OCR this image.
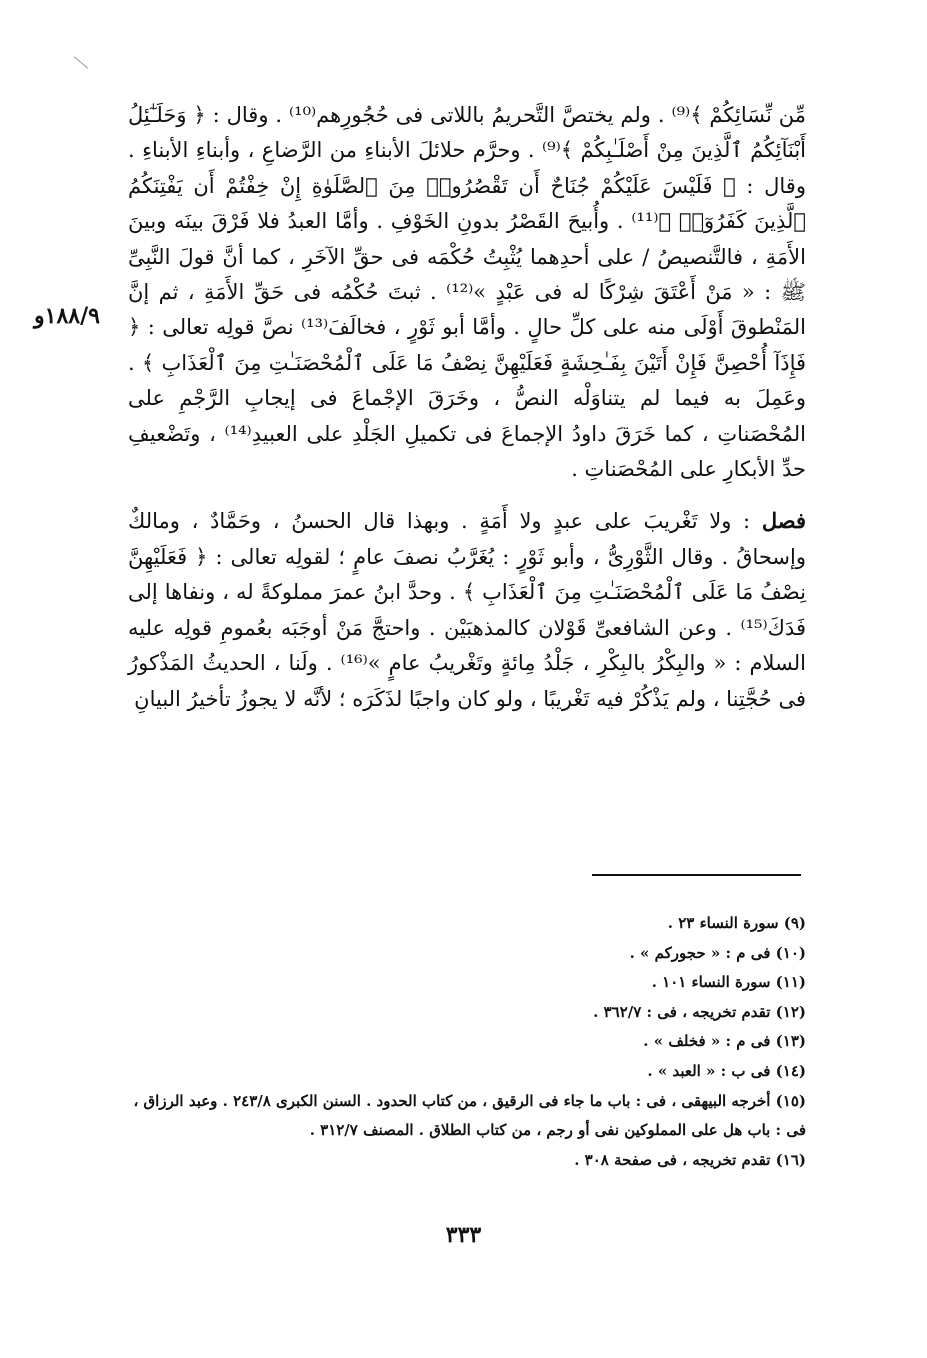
١٨٨/٩و

مِّن نِّسَائِكُمْ ﴾⁽⁹⁾ . ولم يختصَّ التَّحريمُ باللاتى فى حُجُورِهم⁽¹⁰⁾ . وقال : ﴿ وَحَلَـٰٓئِلُ أَبْنَآئِكُمُ ٱلَّذِينَ مِنْ أَصْلَـٰبِكُمْ ﴾⁽⁹⁾ . وحرَّم حلائلَ الأبناءِ من الرَّضاعِ ، وأبناءِ الأبناءِ . وقال : ﴿ فَلَيْسَ عَلَيْكُمْ جُنَاحٌ أَن تَقْصُرُوا۟ مِنَ ٱلصَّلَوٰةِ إِنْ خِفْتُمْ أَن يَفْتِنَكُمُ ٱلَّذِينَ كَفَرُوٓا۟ ﴾⁽¹¹⁾ . وأُبيحَ القَصْرُ بدونِ الخَوْفِ . وأمَّا العبدُ فلا فَرْقَ بينَه وبينَ الأَمَةِ ، فالتَّنصيصُ / على أحدِهما يُثْبِتُ حُكْمَه فى حقِّ الآخَرِ ، كما أنَّ قولَ النَّبِىِّ ﷺ : « مَنْ أَعْتَقَ شِرْكًا له فى عَبْدٍ »⁽¹²⁾ . ثبتَ حُكْمُه فى حَقِّ الأَمَةِ ، ثم إنَّ المَنْطوقَ أَوْلَى منه على كلِّ حالٍ . وأمَّا أبو ثَوْرٍ ، فخالَفَ⁽¹³⁾ نصَّ قولِه تعالى : ﴿ فَإِذَآ أُحْصِنَّ فَإِنْ أَتَيْنَ بِفَـٰحِشَةٍ فَعَلَيْهِنَّ نِصْفُ مَا عَلَى ٱلْمُحْصَنَـٰتِ مِنَ ٱلْعَذَابِ ﴾ . وعَمِلَ به فيما لم يتناوَلْه النصُّ ، وخَرَقَ الإجْماعَ فى إيجابِ الرَّجْمِ على المُحْصَناتِ ، كما خَرَقَ داودُ الإجماعَ فى تكميلِ الجَلْدِ على العبيدِ⁽¹⁴⁾ ، وتَضْعيفِ حدِّ الأبكارِ على المُحْصَناتِ .

فصل : ولا تَغْريبَ على عبدٍ ولا أَمَةٍ . وبهذا قال الحسنُ ، وحَمَّادٌ ، ومالكٌ وإسحاقُ . وقال الثَّوْرِىُّ ، وأبو ثَوْرٍ : يُغَرَّبُ نصفَ عامٍ ؛ لقولِه تعالى : ﴿ فَعَلَيْهِنَّ نِصْفُ مَا عَلَى ٱلْمُحْصَنَـٰتِ مِنَ ٱلْعَذَابِ ﴾ . وحدَّ ابنُ عمرَ مملوكةً له ، ونفاها إلى فَدَكَ⁽¹⁵⁾ . وعن الشافعىِّ قَوْلان كالمذهبَيْن . واحتجَّ مَنْ أوجَبَه بعُمومِ قولِه عليه السلام : « والبِكْرُ بالبِكْرِ ، جَلْدُ مِائةٍ وتَغْريبُ عامٍ »⁽¹⁶⁾ . ولَنا ، الحديثُ المَذْكورُ فى حُجَّتِنا ، ولم يَذْكُرْ فيه تَغْريبًا ، ولو كان واجبًا لذَكَرَه ؛ لأنَّه لا يجوزُ تأخيرُ البيانِ

(٩) سورة النساء ٢٣ .

(١٠) فى م : « حجوركم » .

(١١) سورة النساء ١٠١ .

(١٢) تقدم تخريجه ، فى : ٣٦٢/٧ .

(١٣) فى م : « فخلف » .

(١٤) فى ب : « العبد » .

(١٥) أخرجه البيهقى ، فى : باب ما جاء فى الرقيق ، من كتاب الحدود . السنن الكبرى ٢٤٣/٨ . وعبد الرزاق ، فى : باب هل على المملوكين نفى أو رجم ، من كتاب الطلاق . المصنف ٣١٢/٧ .

(١٦) تقدم تخريجه ، فى صفحة ٣٠٨ .

٣٣٣
